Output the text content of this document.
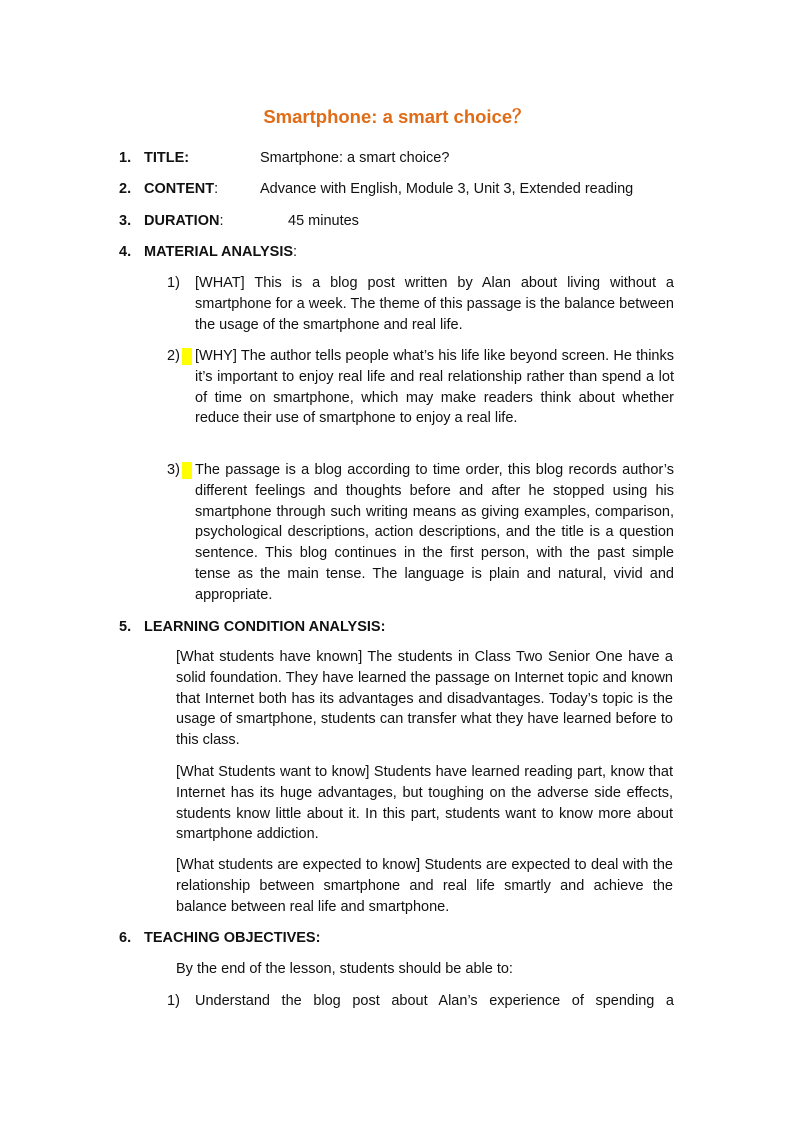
Smartphone: a smart choice？
1. TITLE:	Smartphone: a smart choice?
2. CONTENT:	Advance with English, Module 3, Unit 3, Extended reading
3. DURATION:	45 minutes
4. MATERIAL ANALYSIS:
1) [WHAT] This is a blog post written by Alan about living without a smartphone for a week. The theme of this passage is the balance between the usage of the smartphone and real life.
2) [WHY] The author tells people what’s his life like beyond screen. He thinks it’s important to enjoy real life and real relationship rather than spend a lot of time on smartphone, which may make readers think about whether reduce their use of smartphone to enjoy a real life.
3) The passage is a blog according to time order, this blog records author’s different feelings and thoughts before and after he stopped using his smartphone through such writing means as giving examples, comparison, psychological descriptions, action descriptions, and the title is a question sentence. This blog continues in the first person, with the past simple tense as the main tense. The language is plain and natural, vivid and appropriate.
5. LEARNING CONDITION ANALYSIS:
[What students have known] The students in Class Two Senior One have a solid foundation. They have learned the passage on Internet topic and known that Internet both has its advantages and disadvantages. Today’s topic is the usage of smartphone, students can transfer what they have learned before to this class.
[What Students want to know] Students have learned reading part, know that Internet has its huge advantages, but toughing on the adverse side effects, students know little about it. In this part, students want to know more about smartphone addiction.
[What students are expected to know] Students are expected to deal with the relationship between smartphone and real life smartly and achieve the balance between real life and smartphone.
6. TEACHING OBJECTIVES:
By the end of the lesson, students should be able to:
1) Understand the blog post about Alan’s experience of spending a
